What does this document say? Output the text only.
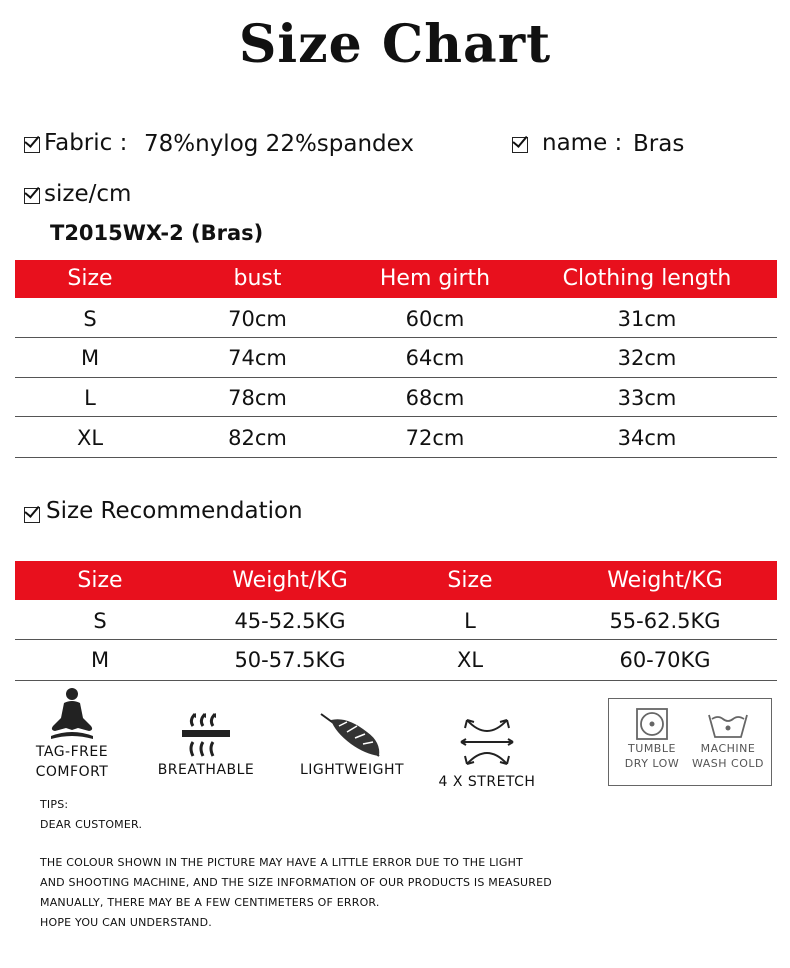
Size Chart
Fabric : 78%nylog 22%spandex	name : Bras
size/cm
T2015WX-2 (Bras)
Size	bust	Hem girth	Clothing length
S	70cm	60cm	31cm
M	74cm	64cm	32cm
L	78cm	68cm	33cm
XL	82cm	72cm	34cm
Size Recommendation
Size	Weight/KG	Size	Weight/KG
S	45-52.5KG	L	55-62.5KG
M	50-57.5KG	XL	60-70KG
TAG-FREE
COMFORT	BREATHABLE	LIGHTWEIGHT
4 X STRETCH
TUMBLE
DRY LOW
MACHINE
WASH COLD
TIPS:
DEAR CUSTOMER.
THE COLOUR SHOWN IN THE PICTURE MAY HAVE A LITTLE ERROR DUE TO THE LIGHT
AND SHOOTING MACHINE, AND THE SIZE INFORMATION OF OUR PRODUCTS IS MEASURED
MANUALLY, THERE MAY BE A FEW CENTIMETERS OF ERROR.
HOPE YOU CAN UNDERSTAND.
